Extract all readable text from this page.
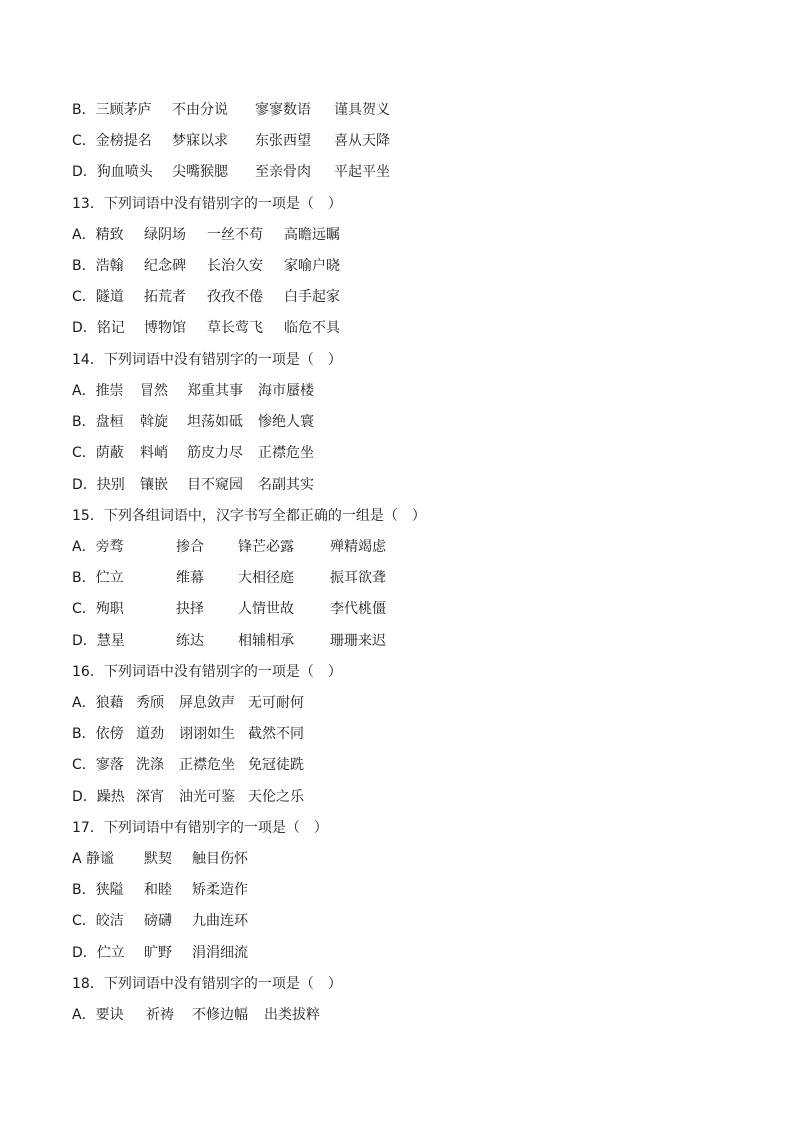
B．三顾茅庐 不由分说 寥寥数语 谨具贺义
C．金榜提名 梦寐以求 东张西望 喜从天降
D．狗血喷头 尖嘴猴腮 至亲骨肉 平起平坐
13．下列词语中没有错别字的一项是（　）
A．精致 绿阴场 一丝不苟 高瞻远瞩
B．浩翰 纪念碑 长治久安 家喻户晓
C．隧道 拓荒者 孜孜不倦 白手起家
D．铭记 博物馆 草长莺飞 临危不具
14．下列词语中没有错别字的一项是（　）
A．推崇 冒然 郑重其事 海市蜃楼
B．盘桓 斡旋 坦荡如砥 惨绝人寰
C．荫蔽 料峭 筋皮力尽 正襟危坐
D．抉别 镶嵌 目不窥园 名副其实
15．下列各组词语中，汉字书写全都正确的一组是（　）
A．旁骛	掺合 锋芒必露	殚精竭虑
B．伫立	维幕 大相径庭	振耳欲聋
C．殉职	抉择 人情世故	李代桃僵
D．慧星	练达 相辅相承	珊珊来迟
16．下列词语中没有错别字的一项是（　）
A．狼藉 秀颀 屏息敛声 无可耐何
B．依傍 道劲 诩诩如生 截然不同
C．寥落 洗涤 正襟危坐 免冠徒跣
D．躁热 深宵 油光可鉴 天伦之乐
17．下列词语中有错别字的一项是（　）
A 静谧 默契 触目伤怀
B．狭隘 和睦 矫柔造作
C．皎洁 磅礴 九曲连环
D．伫立 旷野 涓涓细流
18．下列词语中没有错别字的一项是（　）
A．要诀 祈祷 不修边幅 出类拔粹
